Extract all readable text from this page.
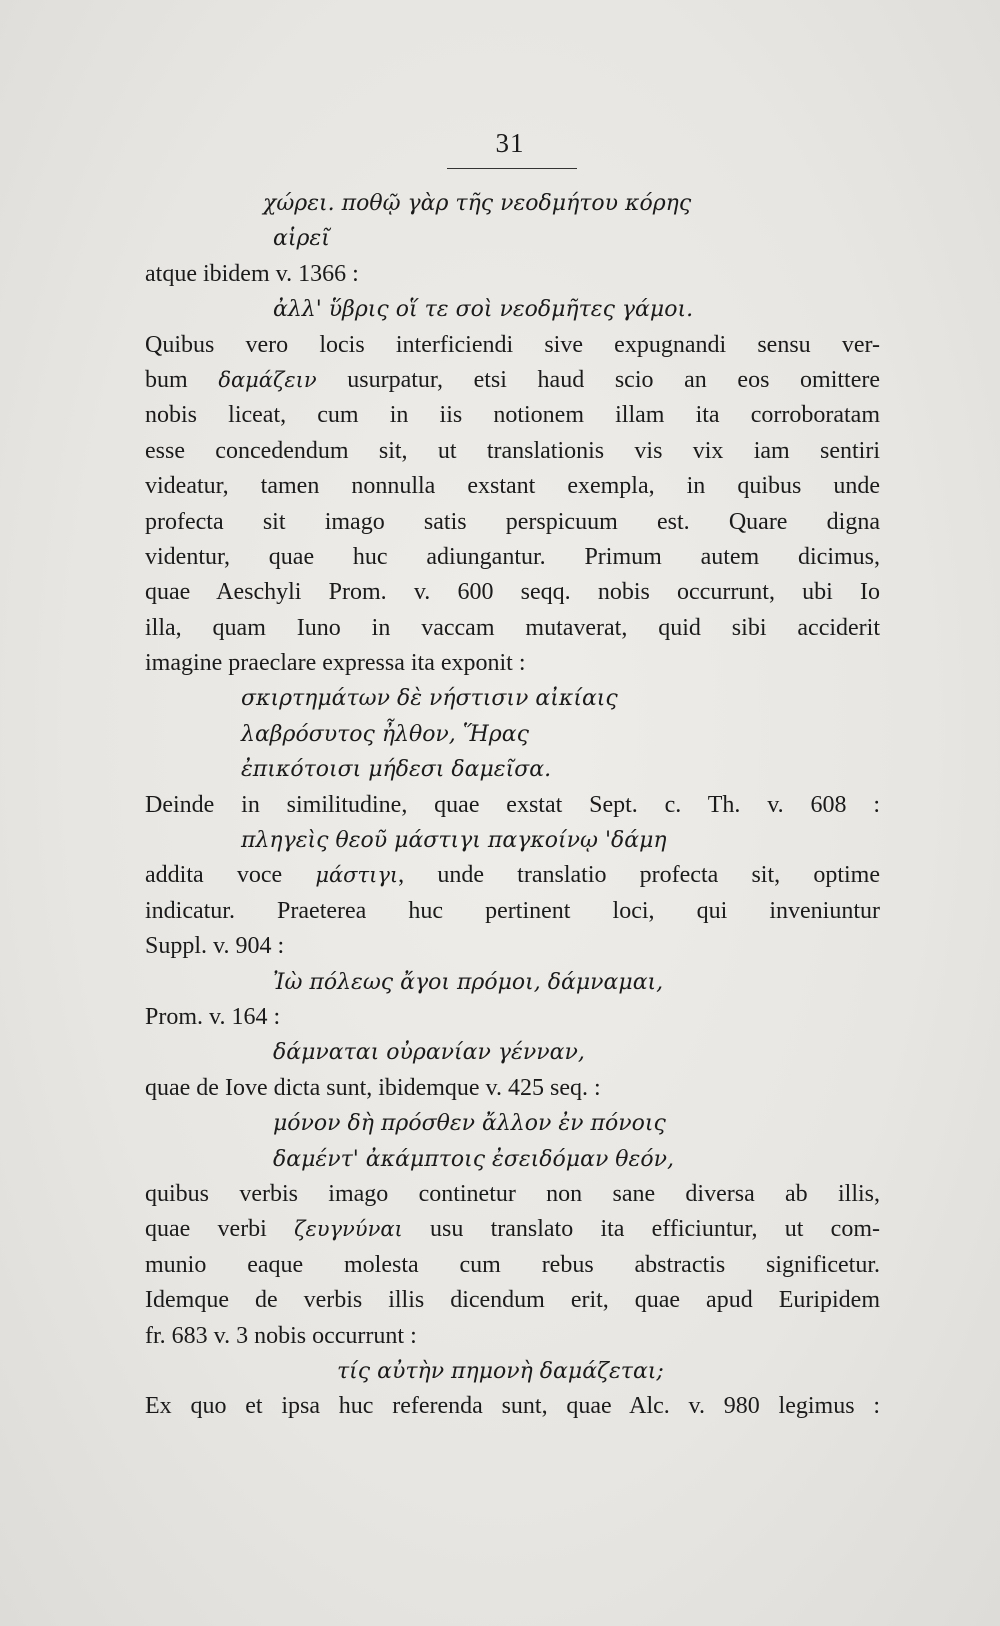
31
χώρει. ποθῷ γὰρ τῆς νεοδμήτου κόρης
αἱρεῖ
atque ibidem v. 1366 :
ἀλλ' ὕβρις οἵ τε σοὶ νεοδμῆτες γάμοι.
Quibus vero locis interficiendi sive expugnandi sensu ver-
bum δαμάζειν usurpatur, etsi haud scio an eos omittere
nobis liceat, cum in iis notionem illam ita corroboratam
esse concedendum sit, ut translationis vis vix iam sentiri
videatur, tamen nonnulla exstant exempla, in quibus unde
profecta sit imago satis perspicuum est. Quare digna
videntur, quae huc adiungantur. Primum autem dicimus,
quae Aeschyli Prom. v. 600 seqq. nobis occurrunt, ubi Io
illa, quam Iuno in vaccam mutaverat, quid sibi acciderit
imagine praeclare expressa ita exponit :
σκιρτημάτων δὲ νήστισιν αἰκίαις
λαβρόσυτος ἦλθον, Ἥρας
ἐπικότοισι μήδεσι δαμεῖσα.
Deinde in similitudine, quae exstat Sept. c. Th. v. 608 :
πληγεὶς θεοῦ μάστιγι παγκοίνῳ 'δάμη
addita voce μάστιγι, unde translatio profecta sit, optime
indicatur. Praeterea huc pertinent loci, qui inveniuntur
Suppl. v. 904 :
Ἰὼ πόλεως ἄγοι πρόμοι, δάμναμαι,
Prom. v. 164 :
δάμναται οὐρανίαν γένναν,
quae de Iove dicta sunt, ibidemque v. 425 seq. :
μόνον δὴ πρόσθεν ἄλλον ἐν πόνοις
δαμέντ' ἀκάμπτοις ἐσειδόμαν θεόν,
quibus verbis imago continetur non sane diversa ab illis,
quae verbi ζευγνύναι usu translato ita efficiuntur, ut com-
munio eaque molesta cum rebus abstractis significetur.
Idemque de verbis illis dicendum erit, quae apud Euripidem
fr. 683 v. 3 nobis occurrunt :
τίς αὐτὴν πημονὴ δαμάζεται;
Ex quo et ipsa huc referenda sunt, quae Alc. v. 980 legimus :
